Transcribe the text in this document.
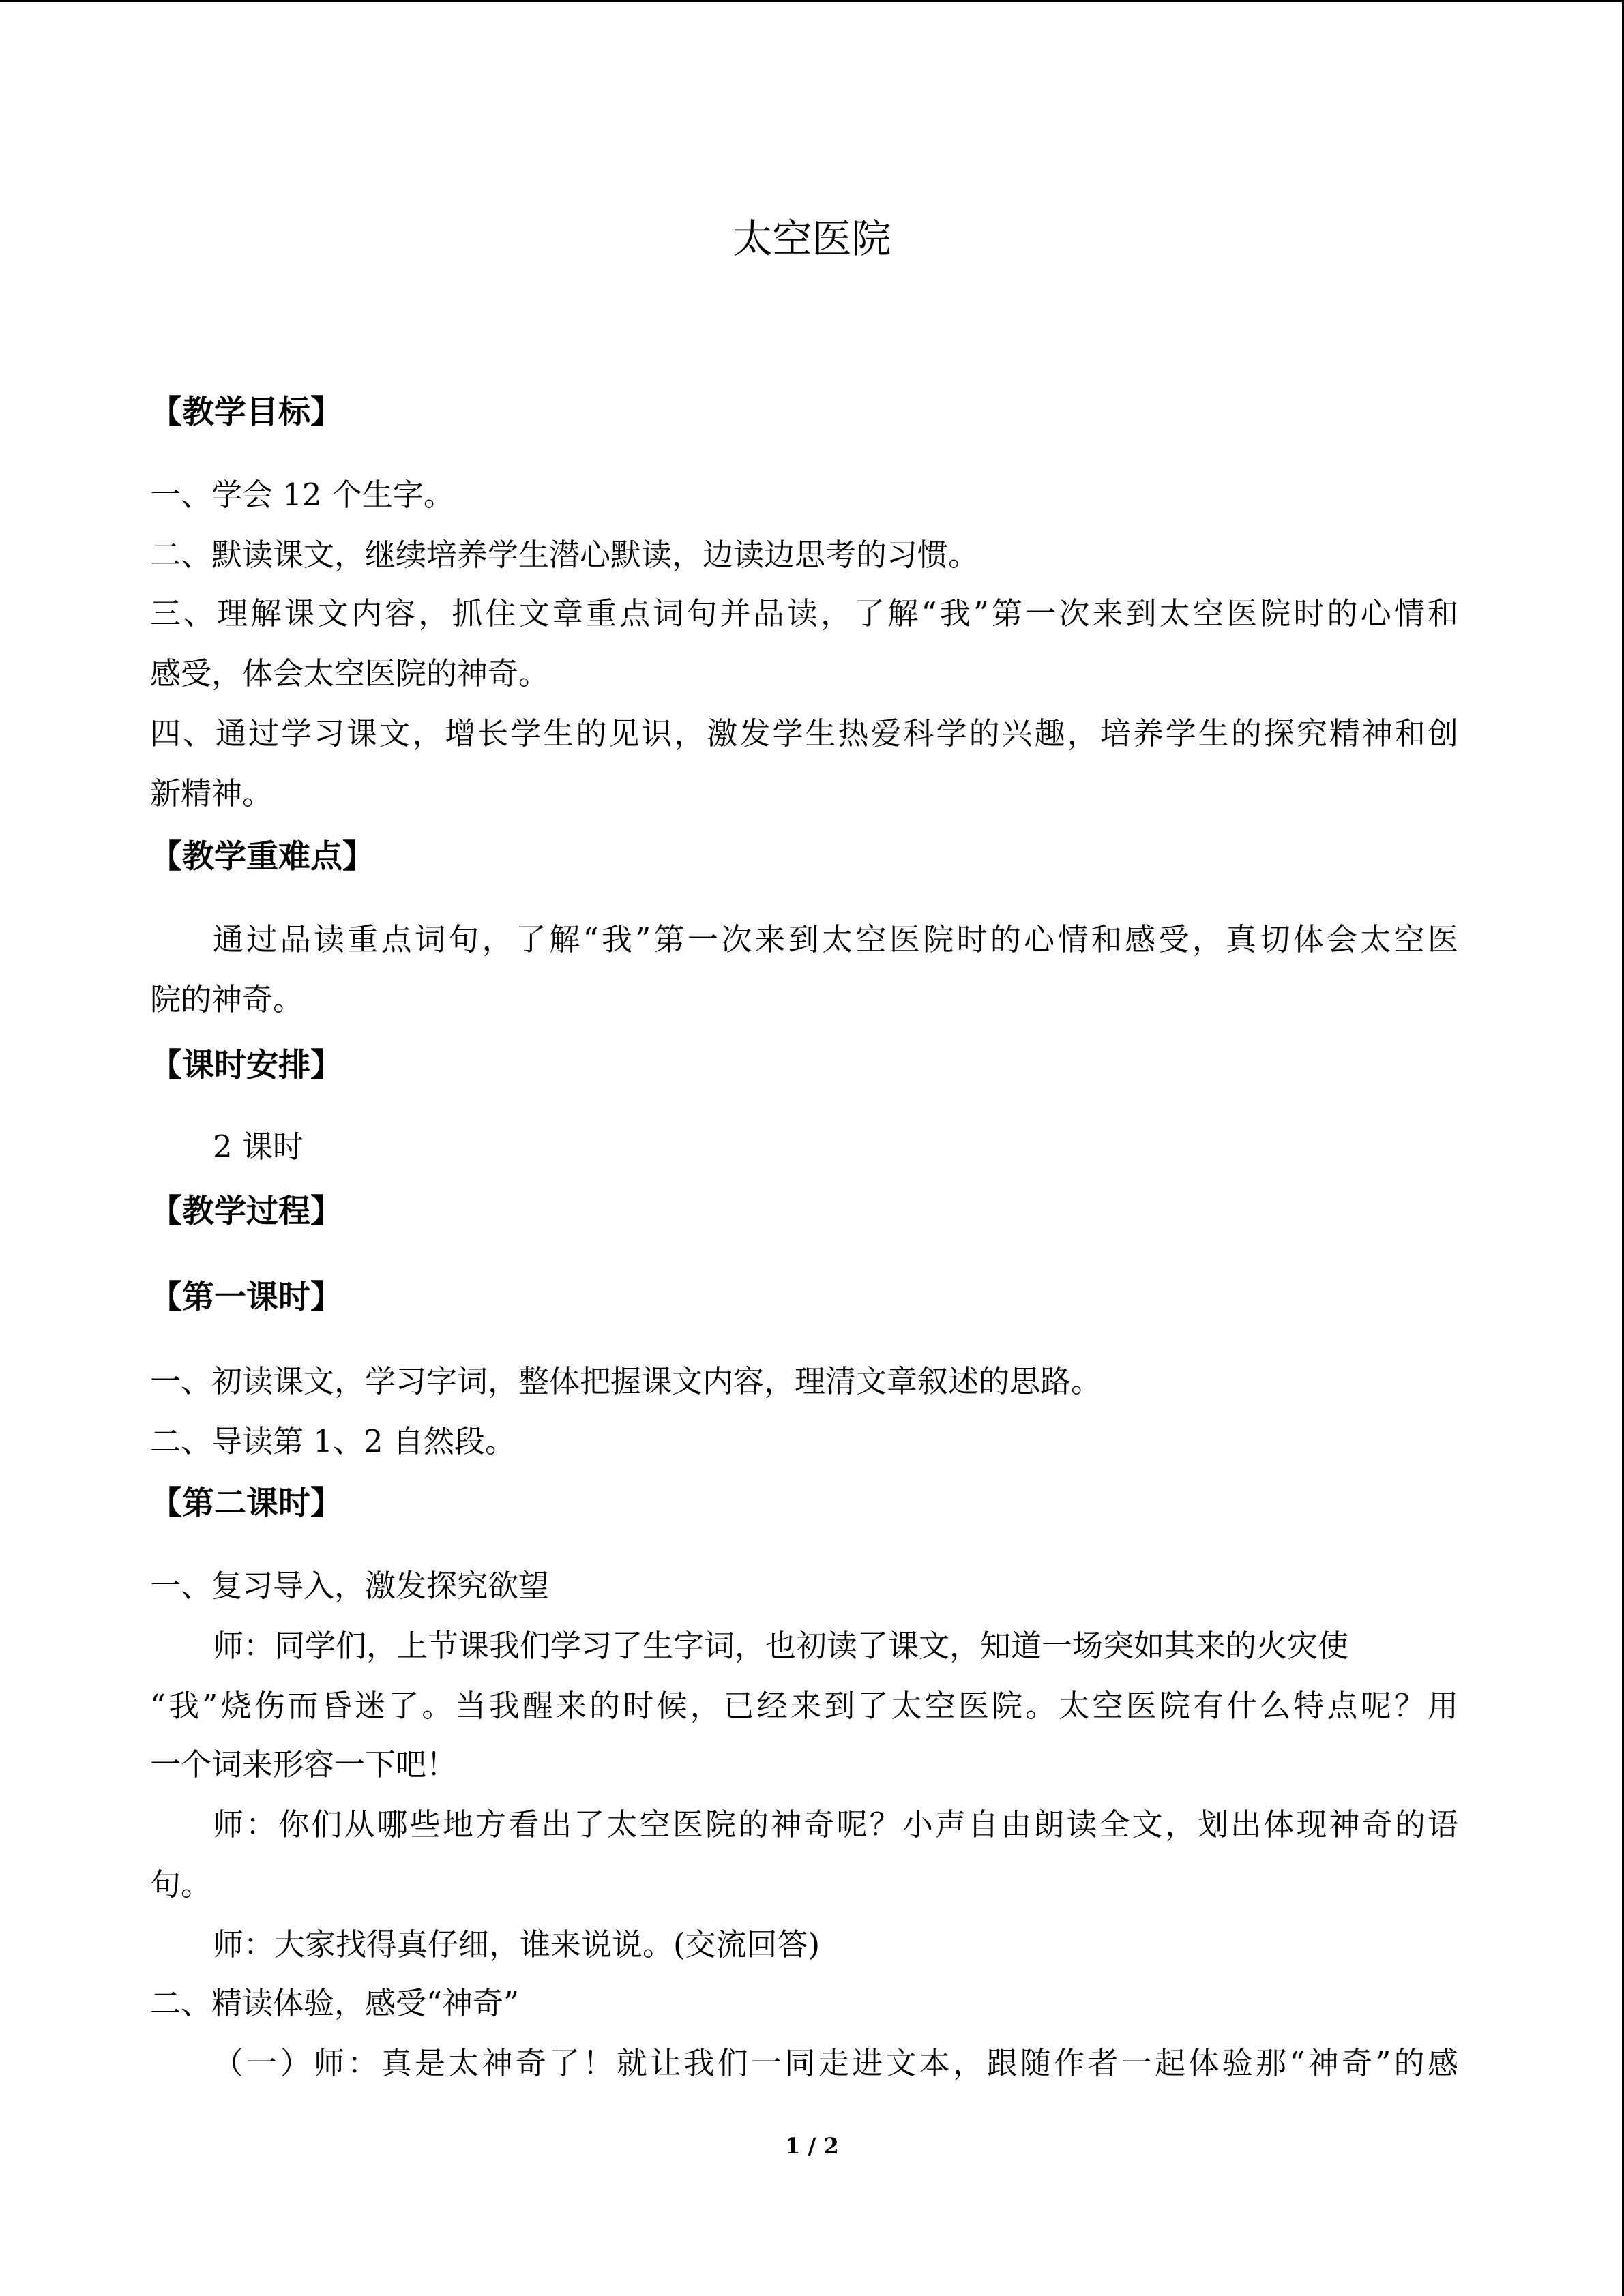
太空医院
【教学目标】

一、学会 12 个生字。

二、默读课文，继续培养学生潜心默读，边读边思考的习惯。

三、理解课文内容，抓住文章重点词句并品读，了解“我”第一次来到太空医院时的心情和

感受，体会太空医院的神奇。

四、通过学习课文，增长学生的见识，激发学生热爱科学的兴趣，培养学生的探究精神和创

新精神。

【教学重难点】

通过品读重点词句，了解“我”第一次来到太空医院时的心情和感受，真切体会太空医

院的神奇。

【课时安排】

2 课时

【教学过程】
【第一课时】

一、初读课文，学习字词，整体把握课文内容，理清文章叙述的思路。

二、导读第 1、2 自然段。

【第二课时】

一、复习导入，激发探究欲望

师：同学们，上节课我们学习了生字词，也初读了课文，知道一场突如其来的火灾使

“我”烧伤而昏迷了。当我醒来的时候，已经来到了太空医院。太空医院有什么特点呢？用

一个词来形容一下吧！

师：你们从哪些地方看出了太空医院的神奇呢？小声自由朗读全文，划出体现神奇的语

句。

师：大家找得真仔细，谁来说说。(交流回答)

二、精读体验，感受“神奇”

（一）师：真是太神奇了！就让我们一同走进文本，跟随作者一起体验那“神奇”的感

1 / 2
